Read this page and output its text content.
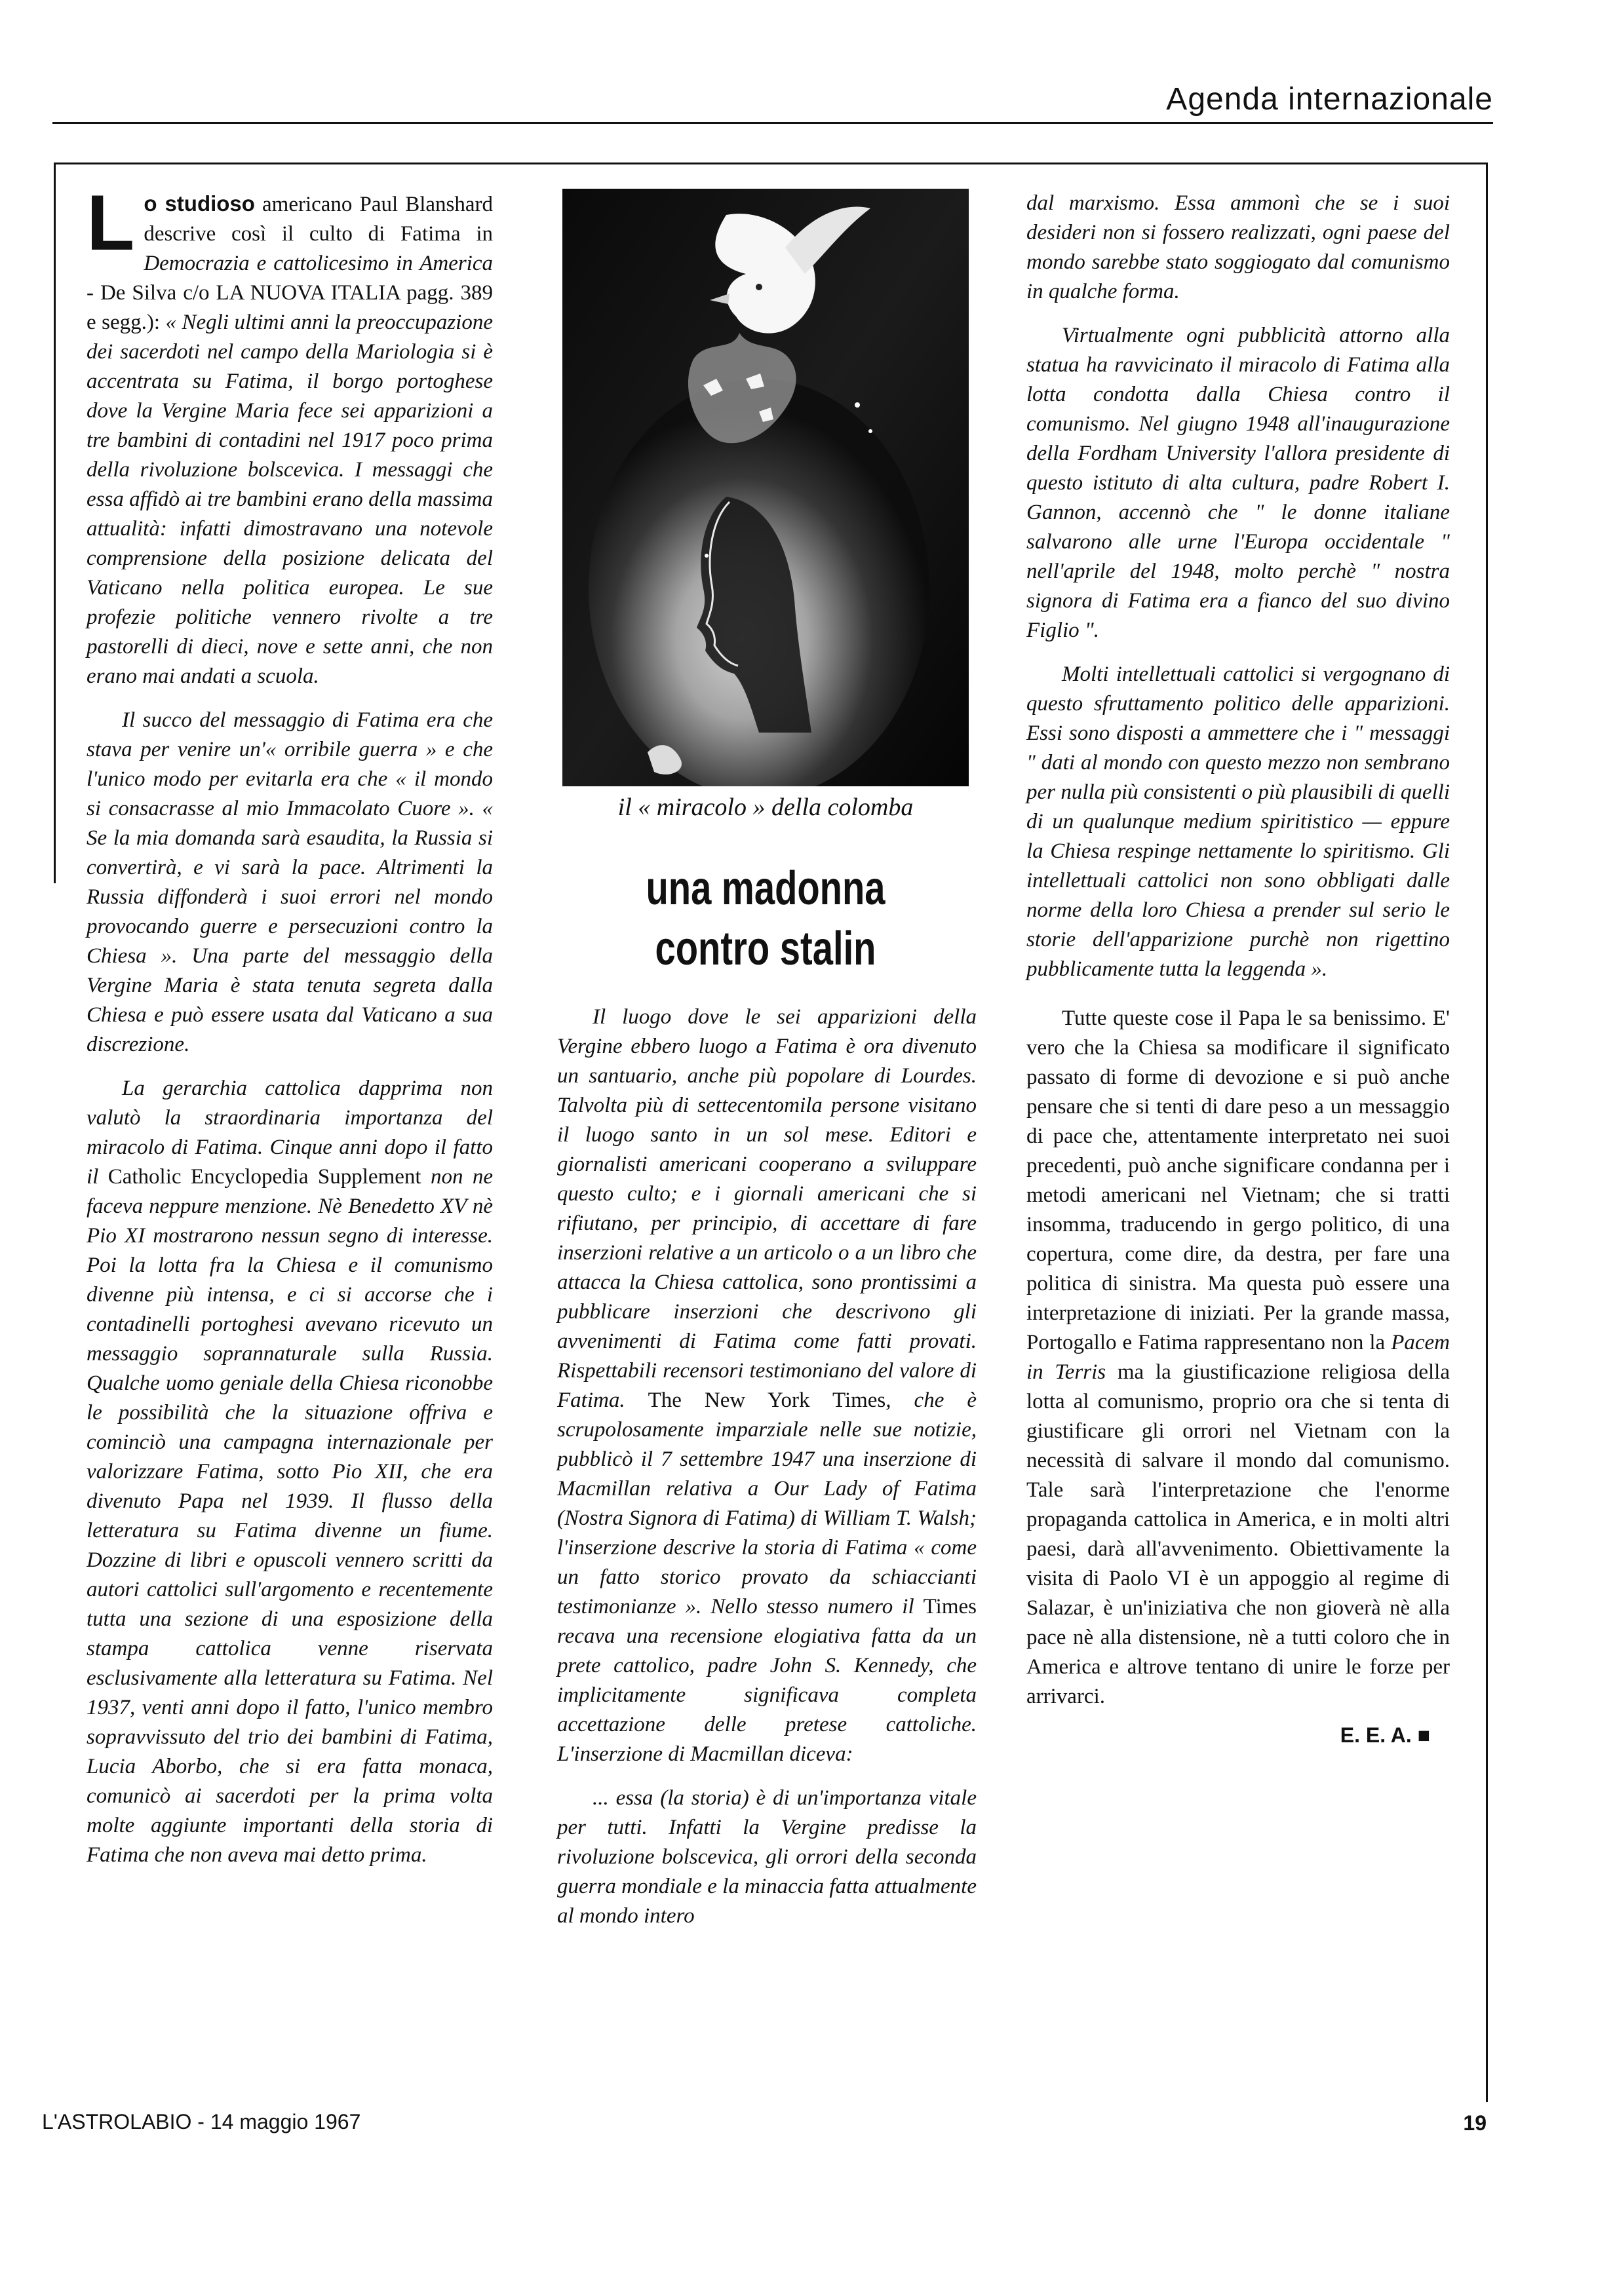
Agenda internazionale

Lo studioso americano Paul Blanshard descrive così il culto di Fatima in Democrazia e cattolicesimo in America - De Silva c/o LA NUOVA ITALIA pagg. 389 e segg.): « Negli ultimi anni la preoccupazione dei sacerdoti nel campo della Mariologia si è accentrata su Fatima, il borgo portoghese dove la Vergine Maria fece sei apparizioni a tre bambini di contadini nel 1917 poco prima della rivoluzione bolscevica. I messaggi che essa affidò ai tre bambini erano della massima attualità: infatti dimostravano una notevole comprensione della posizione delicata del Vaticano nella politica europea. Le sue profezie politiche vennero rivolte a tre pastorelli di dieci, nove e sette anni, che non erano mai andati a scuola.

Il succo del messaggio di Fatima era che stava per venire un'« orribile guerra » e che l'unico modo per evitarla era che « il mondo si consacrasse al mio Immacolato Cuore ». « Se la mia domanda sarà esaudita, la Russia si convertirà, e vi sarà la pace. Altrimenti la Russia diffonderà i suoi errori nel mondo provocando guerre e persecuzioni contro la Chiesa ». Una parte del messaggio della Vergine Maria è stata tenuta segreta dalla Chiesa e può essere usata dal Vaticano a sua discrezione.

La gerarchia cattolica dapprima non valutò la straordinaria importanza del miracolo di Fatima. Cinque anni dopo il fatto il Catholic Encyclopedia Supplement non ne faceva neppure menzione. Nè Benedetto XV nè Pio XI mostrarono nessun segno di interesse. Poi la lotta fra la Chiesa e il comunismo divenne più intensa, e ci si accorse che i contadinelli portoghesi avevano ricevuto un messaggio soprannaturale sulla Russia. Qualche uomo geniale della Chiesa riconobbe le possibilità che la situazione offriva e cominciò una campagna internazionale per valorizzare Fatima, sotto Pio XII, che era divenuto Papa nel 1939. Il flusso della letteratura su Fatima divenne un fiume. Dozzine di libri e opuscoli vennero scritti da autori cattolici sull'argomento e recentemente tutta una sezione di una esposizione della stampa cattolica venne riservata esclusivamente alla letteratura su Fatima. Nel 1937, venti anni dopo il fatto, l'unico membro sopravvissuto del trio dei bambini di Fatima, Lucia Aborbo, che si era fatta monaca, comunicò ai sacerdoti per la prima volta molte aggiunte importanti della storia di Fatima che non aveva mai detto prima.

il « miracolo » della colomba
una madonna
contro stalin

Il luogo dove le sei apparizioni della Vergine ebbero luogo a Fatima è ora divenuto un santuario, anche più popolare di Lourdes. Talvolta più di settecentomila persone visitano il luogo santo in un sol mese. Editori e giornalisti americani cooperano a sviluppare questo culto; e i giornali americani che si rifiutano, per principio, di accettare di fare inserzioni relative a un articolo o a un libro che attacca la Chiesa cattolica, sono prontissimi a pubblicare inserzioni che descrivono gli avvenimenti di Fatima come fatti provati. Rispettabili recensori testimoniano del valore di Fatima. The New York Times, che è scrupolosamente imparziale nelle sue notizie, pubblicò il 7 settembre 1947 una inserzione di Macmillan relativa a Our Lady of Fatima (Nostra Signora di Fatima) di William T. Walsh; l'inserzione descrive la storia di Fatima « come un fatto storico provato da schiaccianti testimonianze ». Nello stesso numero il Times recava una recensione elogiativa fatta da un prete cattolico, padre John S. Kennedy, che implicitamente significava completa accettazione delle pretese cattoliche. L'inserzione di Macmillan diceva:

... essa (la storia) è di un'importanza vitale per tutti. Infatti la Vergine predisse la rivoluzione bolscevica, gli orrori della seconda guerra mondiale e la minaccia fatta attualmente al mondo intero

dal marxismo. Essa ammonì che se i suoi desideri non si fossero realizzati, ogni paese del mondo sarebbe stato soggiogato dal comunismo in qualche forma.

Virtualmente ogni pubblicità attorno alla statua ha ravvicinato il miracolo di Fatima alla lotta condotta dalla Chiesa contro il comunismo. Nel giugno 1948 all'inaugurazione della Fordham University l'allora presidente di questo istituto di alta cultura, padre Robert I. Gannon, accennò che " le donne italiane salvarono alle urne l'Europa occidentale " nell'aprile del 1948, molto perchè " nostra signora di Fatima era a fianco del suo divino Figlio ".

Molti intellettuali cattolici si vergognano di questo sfruttamento politico delle apparizioni. Essi sono disposti a ammettere che i " messaggi " dati al mondo con questo mezzo non sembrano per nulla più consistenti o più plausibili di quelli di un qualunque medium spiritistico — eppure la Chiesa respinge nettamente lo spiritismo. Gli intellettuali cattolici non sono obbligati dalle norme della loro Chiesa a prender sul serio le storie dell'apparizione purchè non rigettino pubblicamente tutta la leggenda ».

Tutte queste cose il Papa le sa benissimo. E' vero che la Chiesa sa modificare il significato passato di forme di devozione e si può anche pensare che si tenti di dare peso a un messaggio di pace che, attentamente interpretato nei suoi precedenti, può anche significare condanna per i metodi americani nel Vietnam; che si tratti insomma, traducendo in gergo politico, di una copertura, come dire, da destra, per fare una politica di sinistra. Ma questa può essere una interpretazione di iniziati. Per la grande massa, Portogallo e Fatima rappresentano non la Pacem in Terris ma la giustificazione religiosa della lotta al comunismo, proprio ora che si tenta di giustificare gli orrori nel Vietnam con la necessità di salvare il mondo dal comunismo. Tale sarà l'interpretazione che l'enorme propaganda cattolica in America, e in molti altri paesi, darà all'avvenimento. Obiettivamente la visita di Paolo VI è un appoggio al regime di Salazar, è un'iniziativa che non gioverà nè alla pace nè alla distensione, nè a tutti coloro che in America e altrove tentano di unire le forze per arrivarci.

E. E. A. ■
L'ASTROLABIO - 14 maggio 1967	19
